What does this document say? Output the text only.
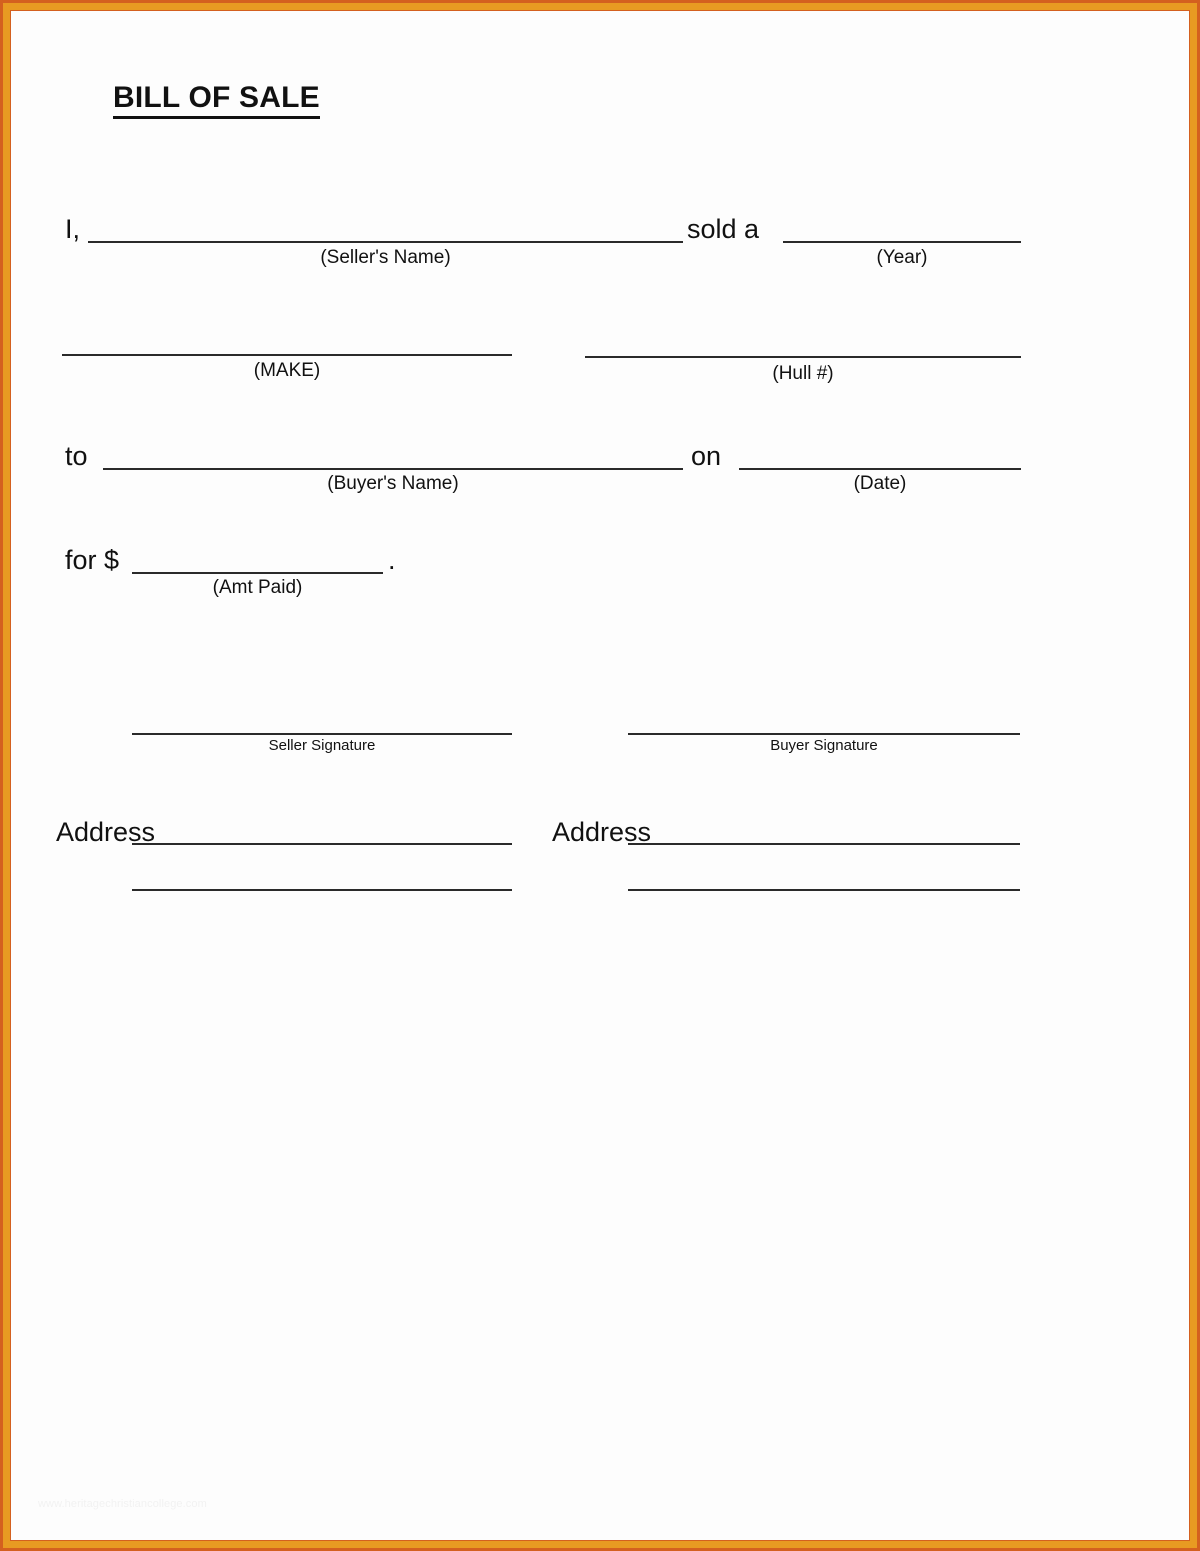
BILL OF SALE
I,
(Seller's Name)
sold a
(Year)
(MAKE)	(Hull #)
to
(Buyer's Name)
on
(Date)
for $
(Amt Paid)
.
Seller Signature	Buyer Signature
Address	Address
www.heritagechristiancollege.com
